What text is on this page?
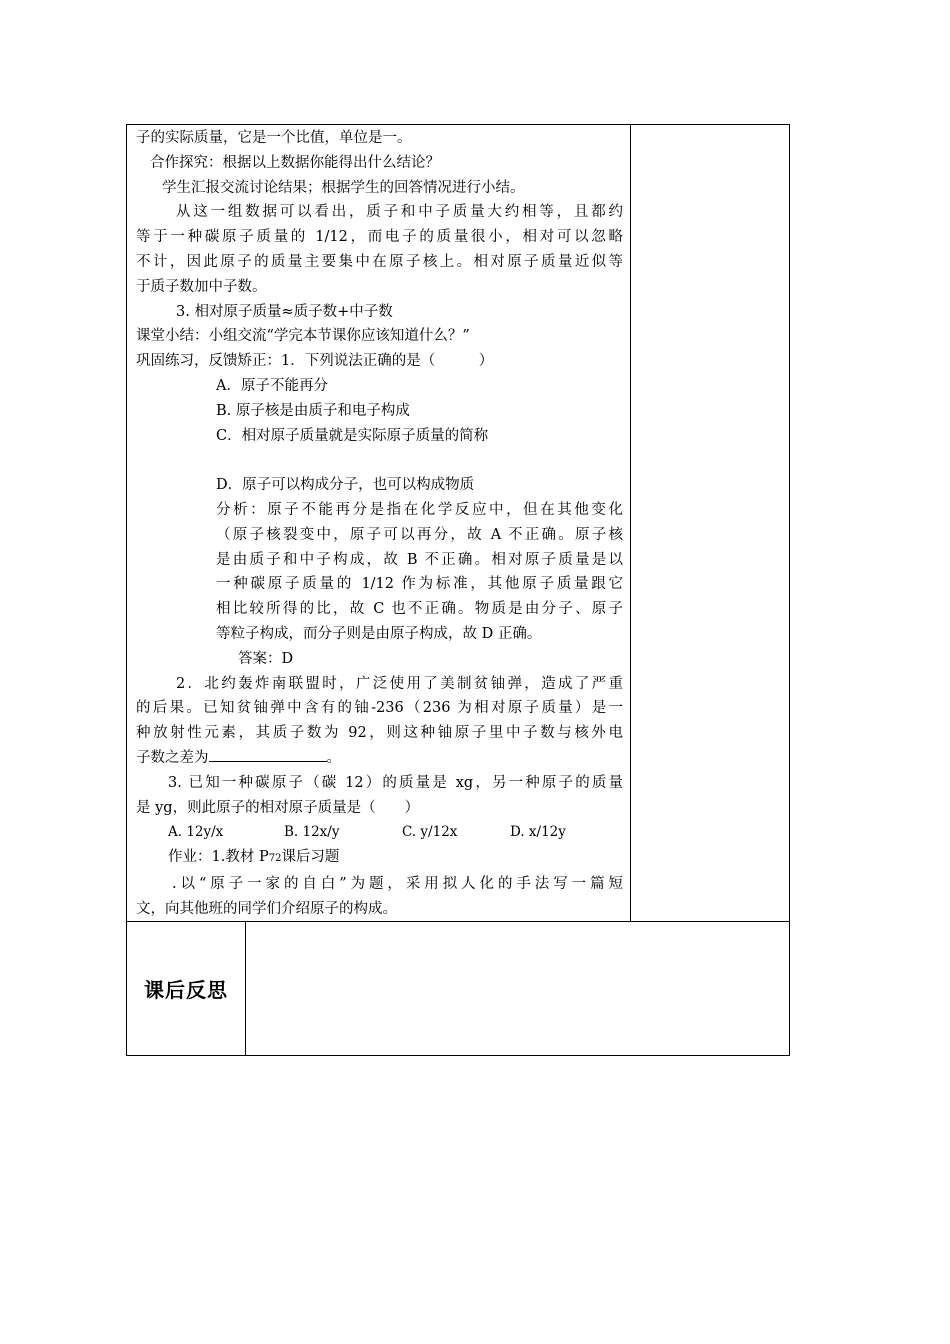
子的实际质量，它是一个比值，单位是一。
合作探究：根据以上数据你能得出什么结论？
学生汇报交流讨论结果；根据学生的回答情况进行小结。
从这一组数据可以看出，质子和中子质量大约相等，且都约
等于一种碳原子质量的 1/12，而电子的质量很小，相对可以忽略
不计，因此原子的质量主要集中在原子核上。相对原子质量近似等
于质子数加中子数。
3. 相对原子质量≈质子数+中子数
课堂小结：小组交流“学完本节课你应该知道什么？”
巩固练习，反馈矫正：1．下列说法正确的是（　　　）
A．原子不能再分
B. 原子核是由质子和电子构成
C．相对原子质量就是实际原子质量的简称
D．原子可以构成分子，也可以构成物质
分析：原子不能再分是指在化学反应中，但在其他变化
（原子核裂变中，原子可以再分，故 A 不正确。原子核
是由质子和中子构成，故 B 不正确。相对原子质量是以
一种碳原子质量的 1/12 作为标准，其他原子质量跟它
相比较所得的比，故 C 也不正确。物质是由分子、原子
等粒子构成，而分子则是由原子构成，故 D 正确。
答案：D
2．北约轰炸南联盟时，广泛使用了美制贫铀弹，造成了严重
的后果。已知贫铀弹中含有的铀-236（236 为相对原子质量）是一
种放射性元素，其质子数为 92，则这种铀原子里中子数与核外电
子数之差为	。
3. 已知一种碳原子（碳 12）的质量是 xg，另一种原子的质量
是 yg，则此原子的相对原子质量是（　　）
A. 12y/x	B. 12x/y	C. y/12x	D. x/12y
作业：1.教材 P72课后习题
.以“原子一家的自白”为题，采用拟人化的手法写一篇短
文，向其他班的同学们介绍原子的构成。
课后反思
